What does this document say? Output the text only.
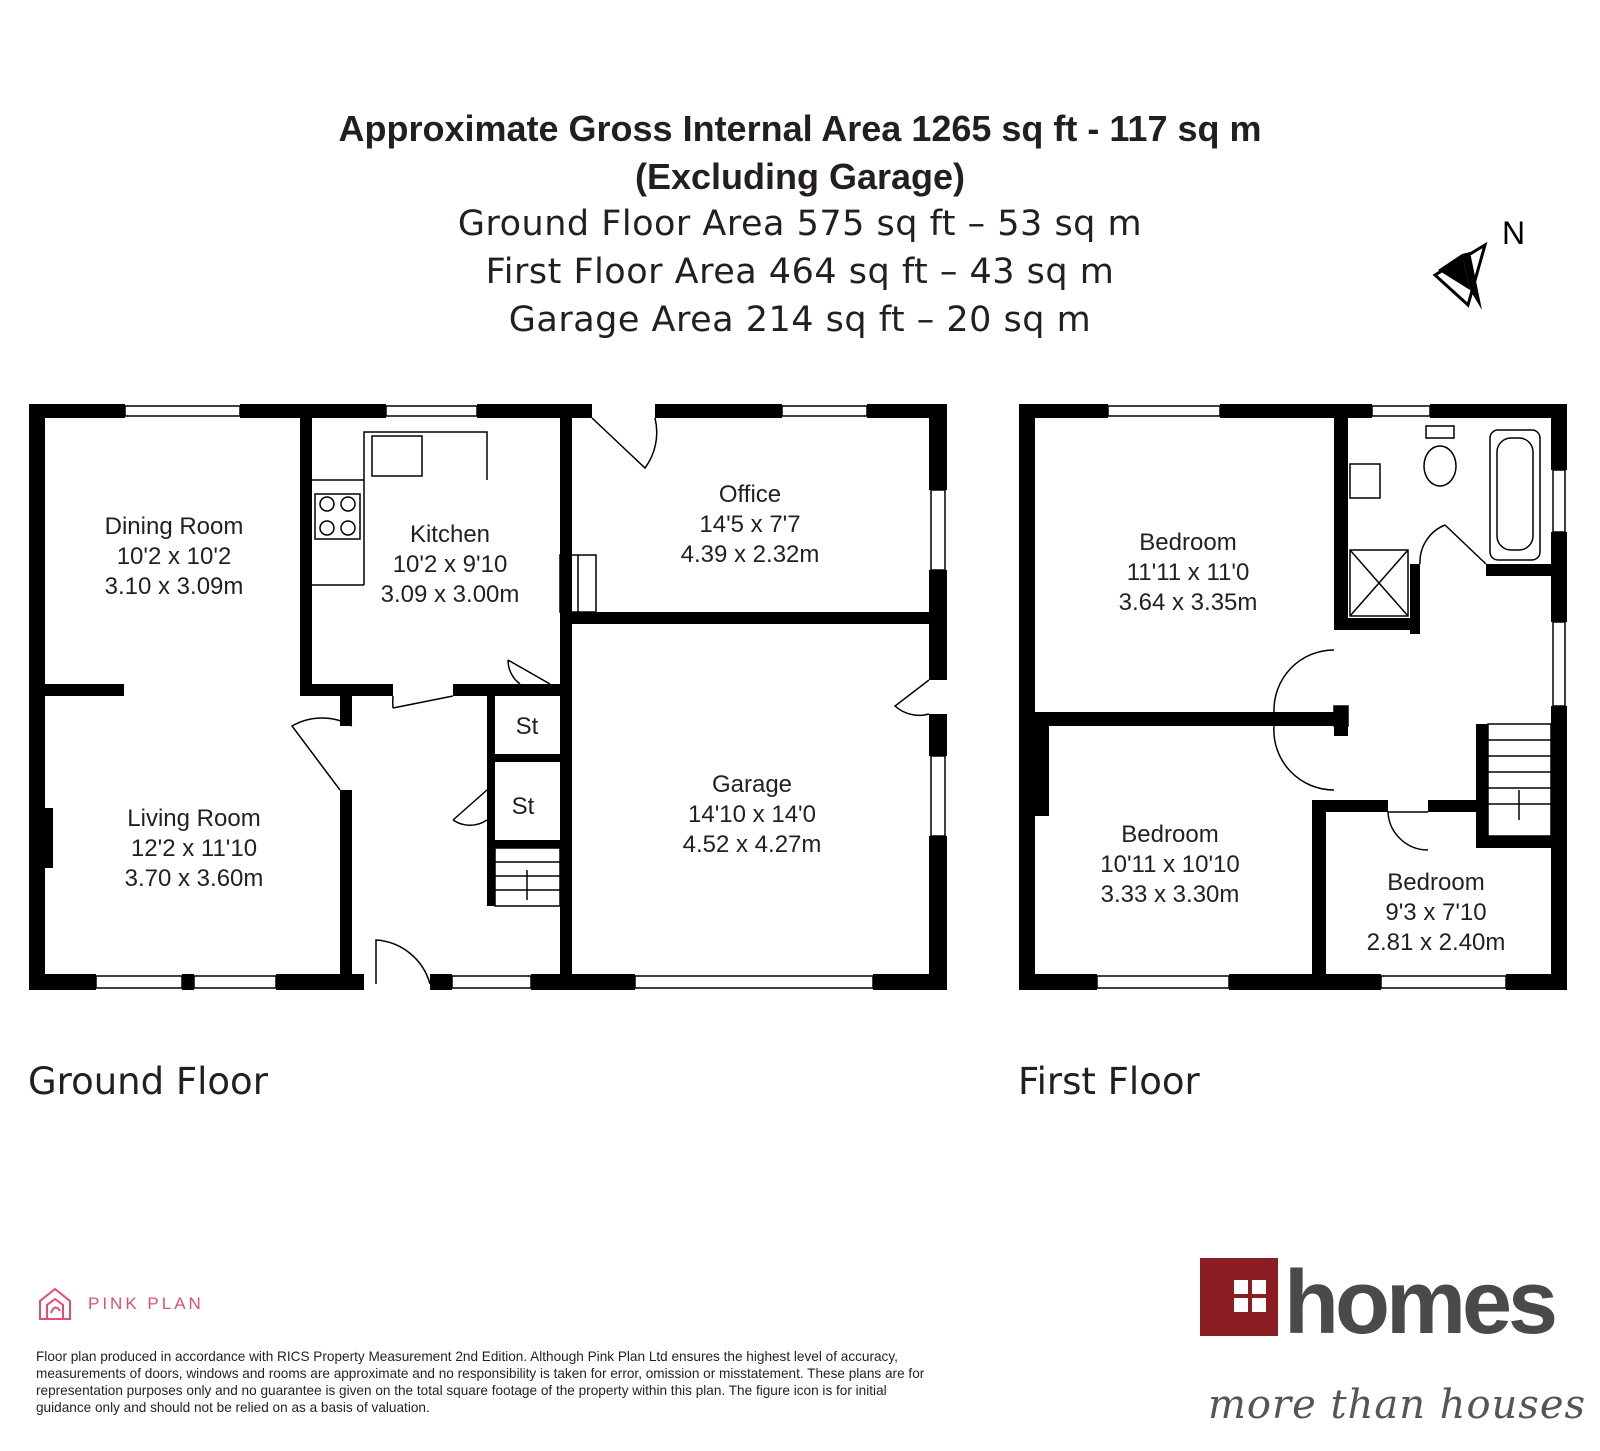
Approximate Gross Internal Area 1265 sq ft - 117 sq m
(Excluding Garage)
Ground Floor Area 575 sq ft – 53 sq m
First Floor Area 464 sq ft – 43 sq m
Garage Area 214 sq ft – 20 sq m
N
Dining Room
10'2 x 10'2
3.10 x 3.09m
Kitchen
10'2 x 9'10
3.09 x 3.00m
Office
14'5 x 7'7
4.39 x 2.32m
Living Room
12'2 x 11'10
3.70 x 3.60m
Garage
14'10 x 14'0
4.52 x 4.27m
St
St
Bedroom
11'11 x 11'0
3.64 x 3.35m
Bedroom
10'11 x 10'10
3.33 x 3.30m	Bedroom
9'3 x 7'10
2.81 x 2.40m
Ground Floor	First Floor
PINK PLAN
Floor plan produced in accordance with RICS Property Measurement 2nd Edition. Although Pink Plan Ltd ensures the highest level of accuracy, measurements of doors, windows and rooms are approximate and no responsibility is taken for error, omission or misstatement. These plans are for representation purposes only and no guarantee is given on the total square footage of the property within this plan. The figure icon is for initial guidance only and should not be relied on as a basis of valuation.
homes
more than houses
